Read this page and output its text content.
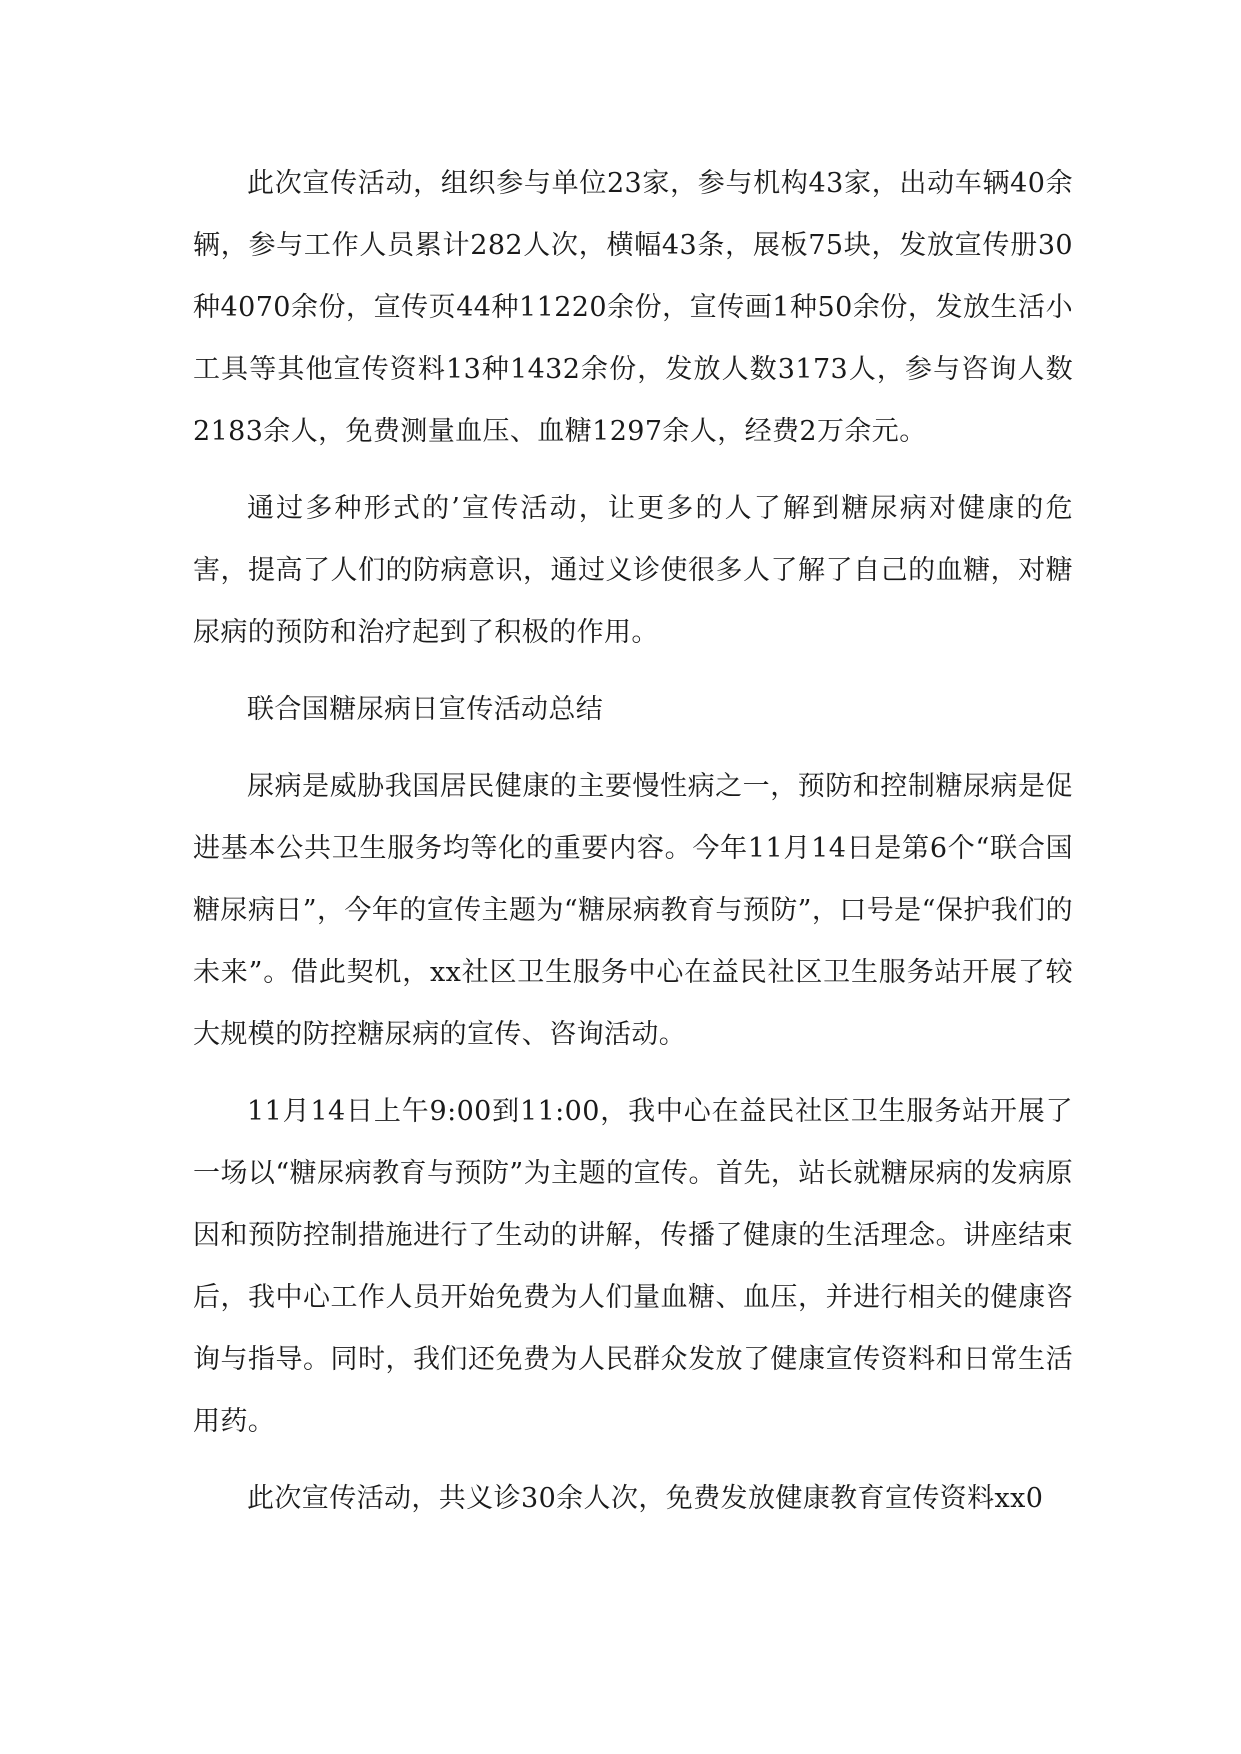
此次宣传活动，组织参与单位23家，参与机构43家，出动车辆40余辆，参与工作人员累计282人次，横幅43条，展板75块，发放宣传册30种4070余份，宣传页44种11220余份，宣传画1种50余份，发放生活小工具等其他宣传资料13种1432余份，发放人数3173人，参与咨询人数2183余人，免费测量血压、血糖1297余人，经费2万余元。

通过多种形式的’宣传活动，让更多的人了解到糖尿病对健康的危害，提高了人们的防病意识，通过义诊使很多人了解了自己的血糖，对糖尿病的预防和治疗起到了积极的作用。

联合国糖尿病日宣传活动总结

尿病是威胁我国居民健康的主要慢性病之一，预防和控制糖尿病是促进基本公共卫生服务均等化的重要内容。今年11月14日是第6个“联合国糖尿病日”，今年的宣传主题为“糖尿病教育与预防”，口号是“保护我们的未来”。借此契机，xx社区卫生服务中心在益民社区卫生服务站开展了较大规模的防控糖尿病的宣传、咨询活动。

11月14日上午9:00到11:00，我中心在益民社区卫生服务站开展了一场以“糖尿病教育与预防”为主题的宣传。首先，站长就糖尿病的发病原因和预防控制措施进行了生动的讲解，传播了健康的生活理念。讲座结束后，我中心工作人员开始免费为人们量血糖、血压，并进行相关的健康咨询与指导。同时，我们还免费为人民群众发放了健康宣传资料和日常生活用药。

此次宣传活动，共义诊30余人次，免费发放健康教育宣传资料xx0
